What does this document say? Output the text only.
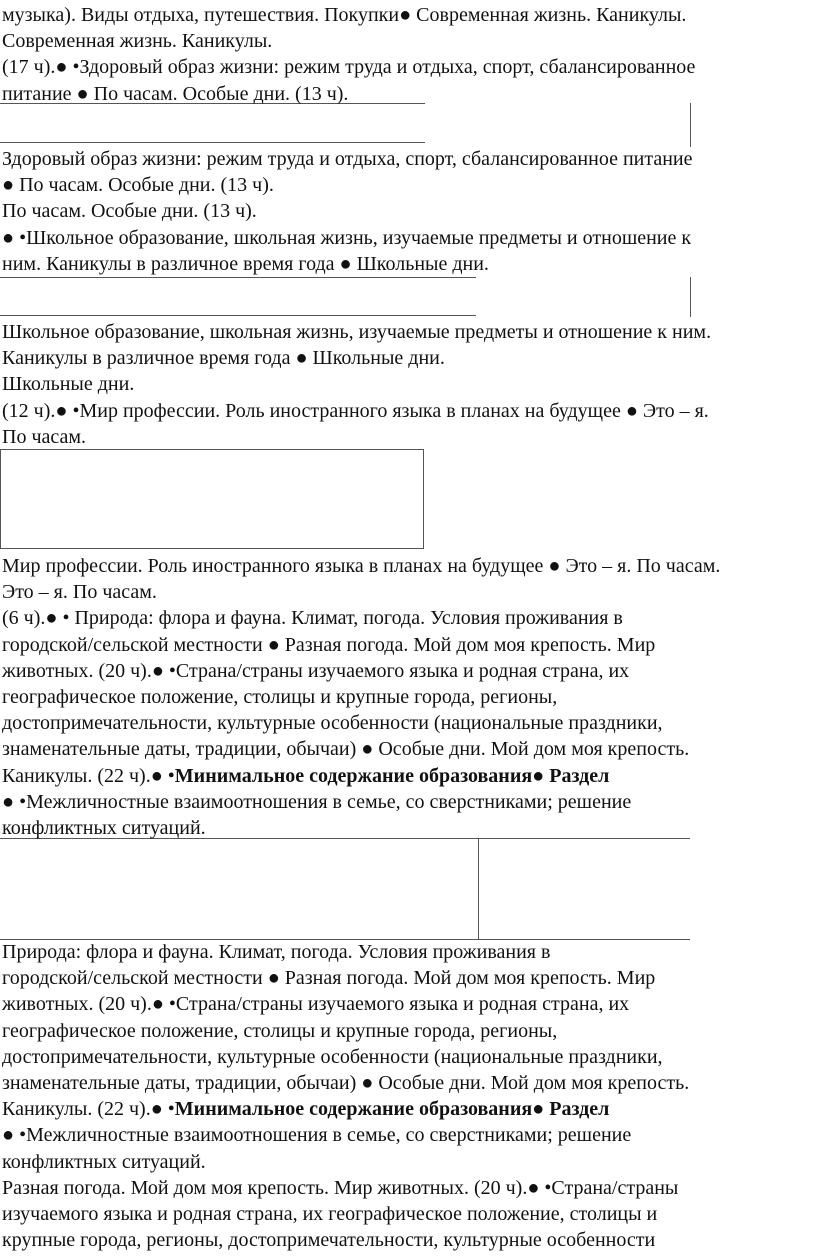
музыка). Виды отдыха, путешествия. Покупки● Современная жизнь. Каникулы.
Современная жизнь. Каникулы.
(17 ч).● •Здоровый образ жизни: режим труда и отдыха, спорт, сбалансированное
питание ● По часам. Особые дни. (13 ч).
Здоровый образ жизни: режим труда и отдыха, спорт, сбалансированное питание
● По часам. Особые дни. (13 ч).
По часам. Особые дни. (13 ч).
● •Школьное образование, школьная жизнь, изучаемые предметы и отношение к
ним. Каникулы в различное время года ● Школьные дни.
Школьное образование, школьная жизнь, изучаемые предметы и отношение к ним.
Каникулы в различное время года ● Школьные дни.
Школьные дни.
(12 ч).● •Мир профессии. Роль иностранного языка в планах на будущее ● Это – я.
По часам.
Мир профессии. Роль иностранного языка в планах на будущее ● Это – я. По часам.
Это – я. По часам.
(6 ч).● • Природа: флора и фауна. Климат, погода. Условия проживания в
городской/сельской местности ● Разная погода. Мой дом моя крепость. Мир
животных. (20 ч).● •Страна/страны изучаемого языка и родная страна, их
географическое положение, столицы и крупные города, регионы,
достопримечательности, культурные особенности (национальные праздники,
знаменательные даты, традиции, обычаи) ● Особые дни. Мой дом моя крепость.
Каникулы. (22 ч).● •Минимальное содержание образования● Раздел
● •Межличностные взаимоотношения в семье, со сверстниками; решение
конфликтных ситуаций.
Природа: флора и фауна. Климат, погода. Условия проживания в
городской/сельской местности ● Разная погода. Мой дом моя крепость. Мир
животных. (20 ч).● •Страна/страны изучаемого языка и родная страна, их
географическое положение, столицы и крупные города, регионы,
достопримечательности, культурные особенности (национальные праздники,
знаменательные даты, традиции, обычаи) ● Особые дни. Мой дом моя крепость.
Каникулы. (22 ч).● •Минимальное содержание образования● Раздел
● •Межличностные взаимоотношения в семье, со сверстниками; решение
конфликтных ситуаций.
Разная погода. Мой дом моя крепость. Мир животных. (20 ч).● •Страна/страны
изучаемого языка и родная страна, их географическое положение, столицы и
крупные города, регионы, достопримечательности, культурные особенности
